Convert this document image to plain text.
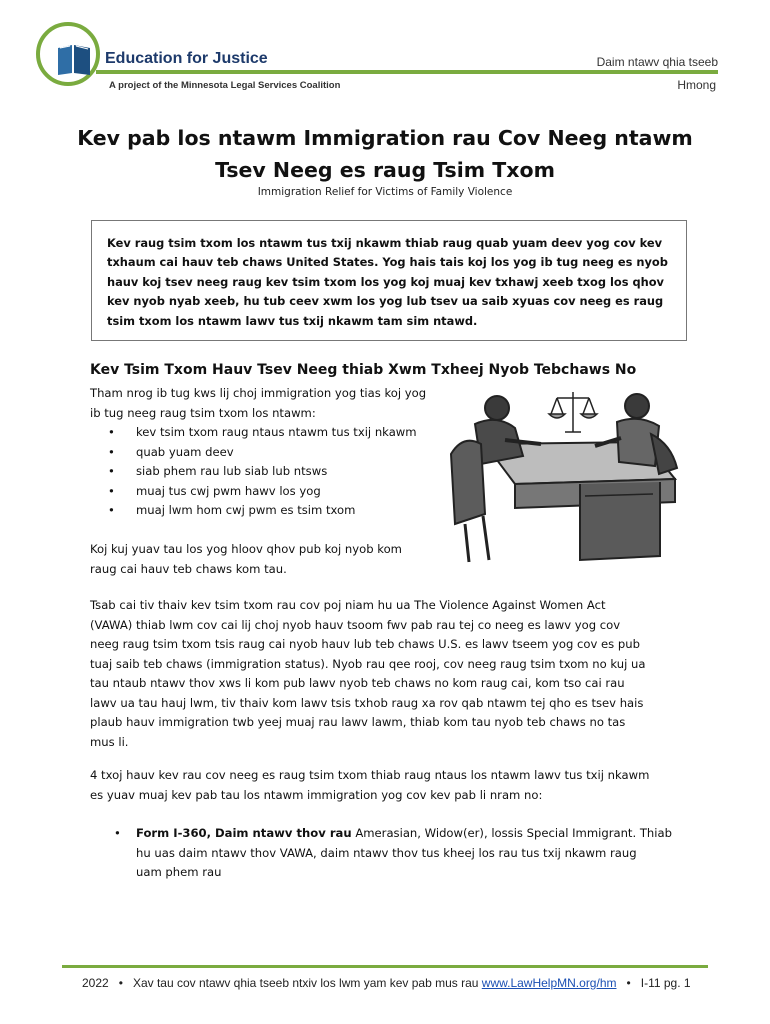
Education for Justice
A project of the Minnesota Legal Services Coalition
Daim ntawv qhia tseeb
Hmong
Kev pab los ntawm Immigration rau Cov Neeg ntawm
Tsev Neeg es raug Tsim Txom
Immigration Relief for Victims of Family Violence
Kev raug tsim txom los ntawm tus txij nkawm thiab raug quab yuam deev yog cov kev
txhaum cai hauv teb chaws United States. Yog hais tais koj los yog ib tug neeg es nyob
hauv koj tsev neeg raug kev tsim txom los yog koj muaj kev txhawj xeeb txog los qhov
kev nyob nyab xeeb, hu tub ceev xwm los yog lub tsev ua saib xyuas cov neeg es raug
tsim txom los ntawm lawv tus txij nkawm tam sim ntawd.
Kev Tsim Txom Hauv Tsev Neeg thiab Xwm Txheej Nyob Tebchaws No
Tham nrog ib tug kws lij choj immigration yog tias koj yog
ib tug neeg raug tsim txom los ntawm:
• kev tsim txom raug ntaus ntawm tus txij nkawm
• quab yuam deev
• siab phem rau lub siab lub ntsws
• muaj tus cwj pwm hawv los yog
• muaj lwm hom cwj pwm es tsim txom
Koj kuj yuav tau los yog hloov qhov pub koj nyob kom
raug cai hauv teb chaws kom tau.
Tsab cai tiv thaiv kev tsim txom rau cov poj niam hu ua The Violence Against Women Act
(VAWA) thiab lwm cov cai lij choj nyob hauv tsoom fwv pab rau tej co neeg es lawv yog cov
neeg raug tsim txom tsis raug cai nyob hauv lub teb chaws U.S. es lawv tseem yog cov es pub
tuaj saib teb chaws (immigration status). Nyob rau qee rooj, cov neeg raug tsim txom no kuj ua
tau ntaub ntawv thov xws li kom pub lawv nyob teb chaws no kom raug cai, kom tso cai rau
lawv ua tau hauj lwm, tiv thaiv kom lawv tsis txhob raug xa rov qab ntawm tej qho es tsev hais
plaub hauv immigration twb yeej muaj rau lawv lawm, thiab kom tau nyob teb chaws no tas
mus li.
4 txoj hauv kev rau cov neeg es raug tsim txom thiab raug ntaus los ntawm lawv tus txij nkawm
es yuav muaj kev pab tau los ntawm immigration yog cov kev pab li nram no:
• Form I-360, Daim ntawv thov rau Amerasian, Widow(er), lossis Special Immigrant. Thiab
hu uas daim ntawv thov VAWA, daim ntawv thov tus kheej los rau tus txij nkawm raug
uam phem rau
2022 • Xav tau cov ntawv qhia tseeb ntxiv los lwm yam kev pab mus rau www.LawHelpMN.org/hm • I-11 pg. 1
